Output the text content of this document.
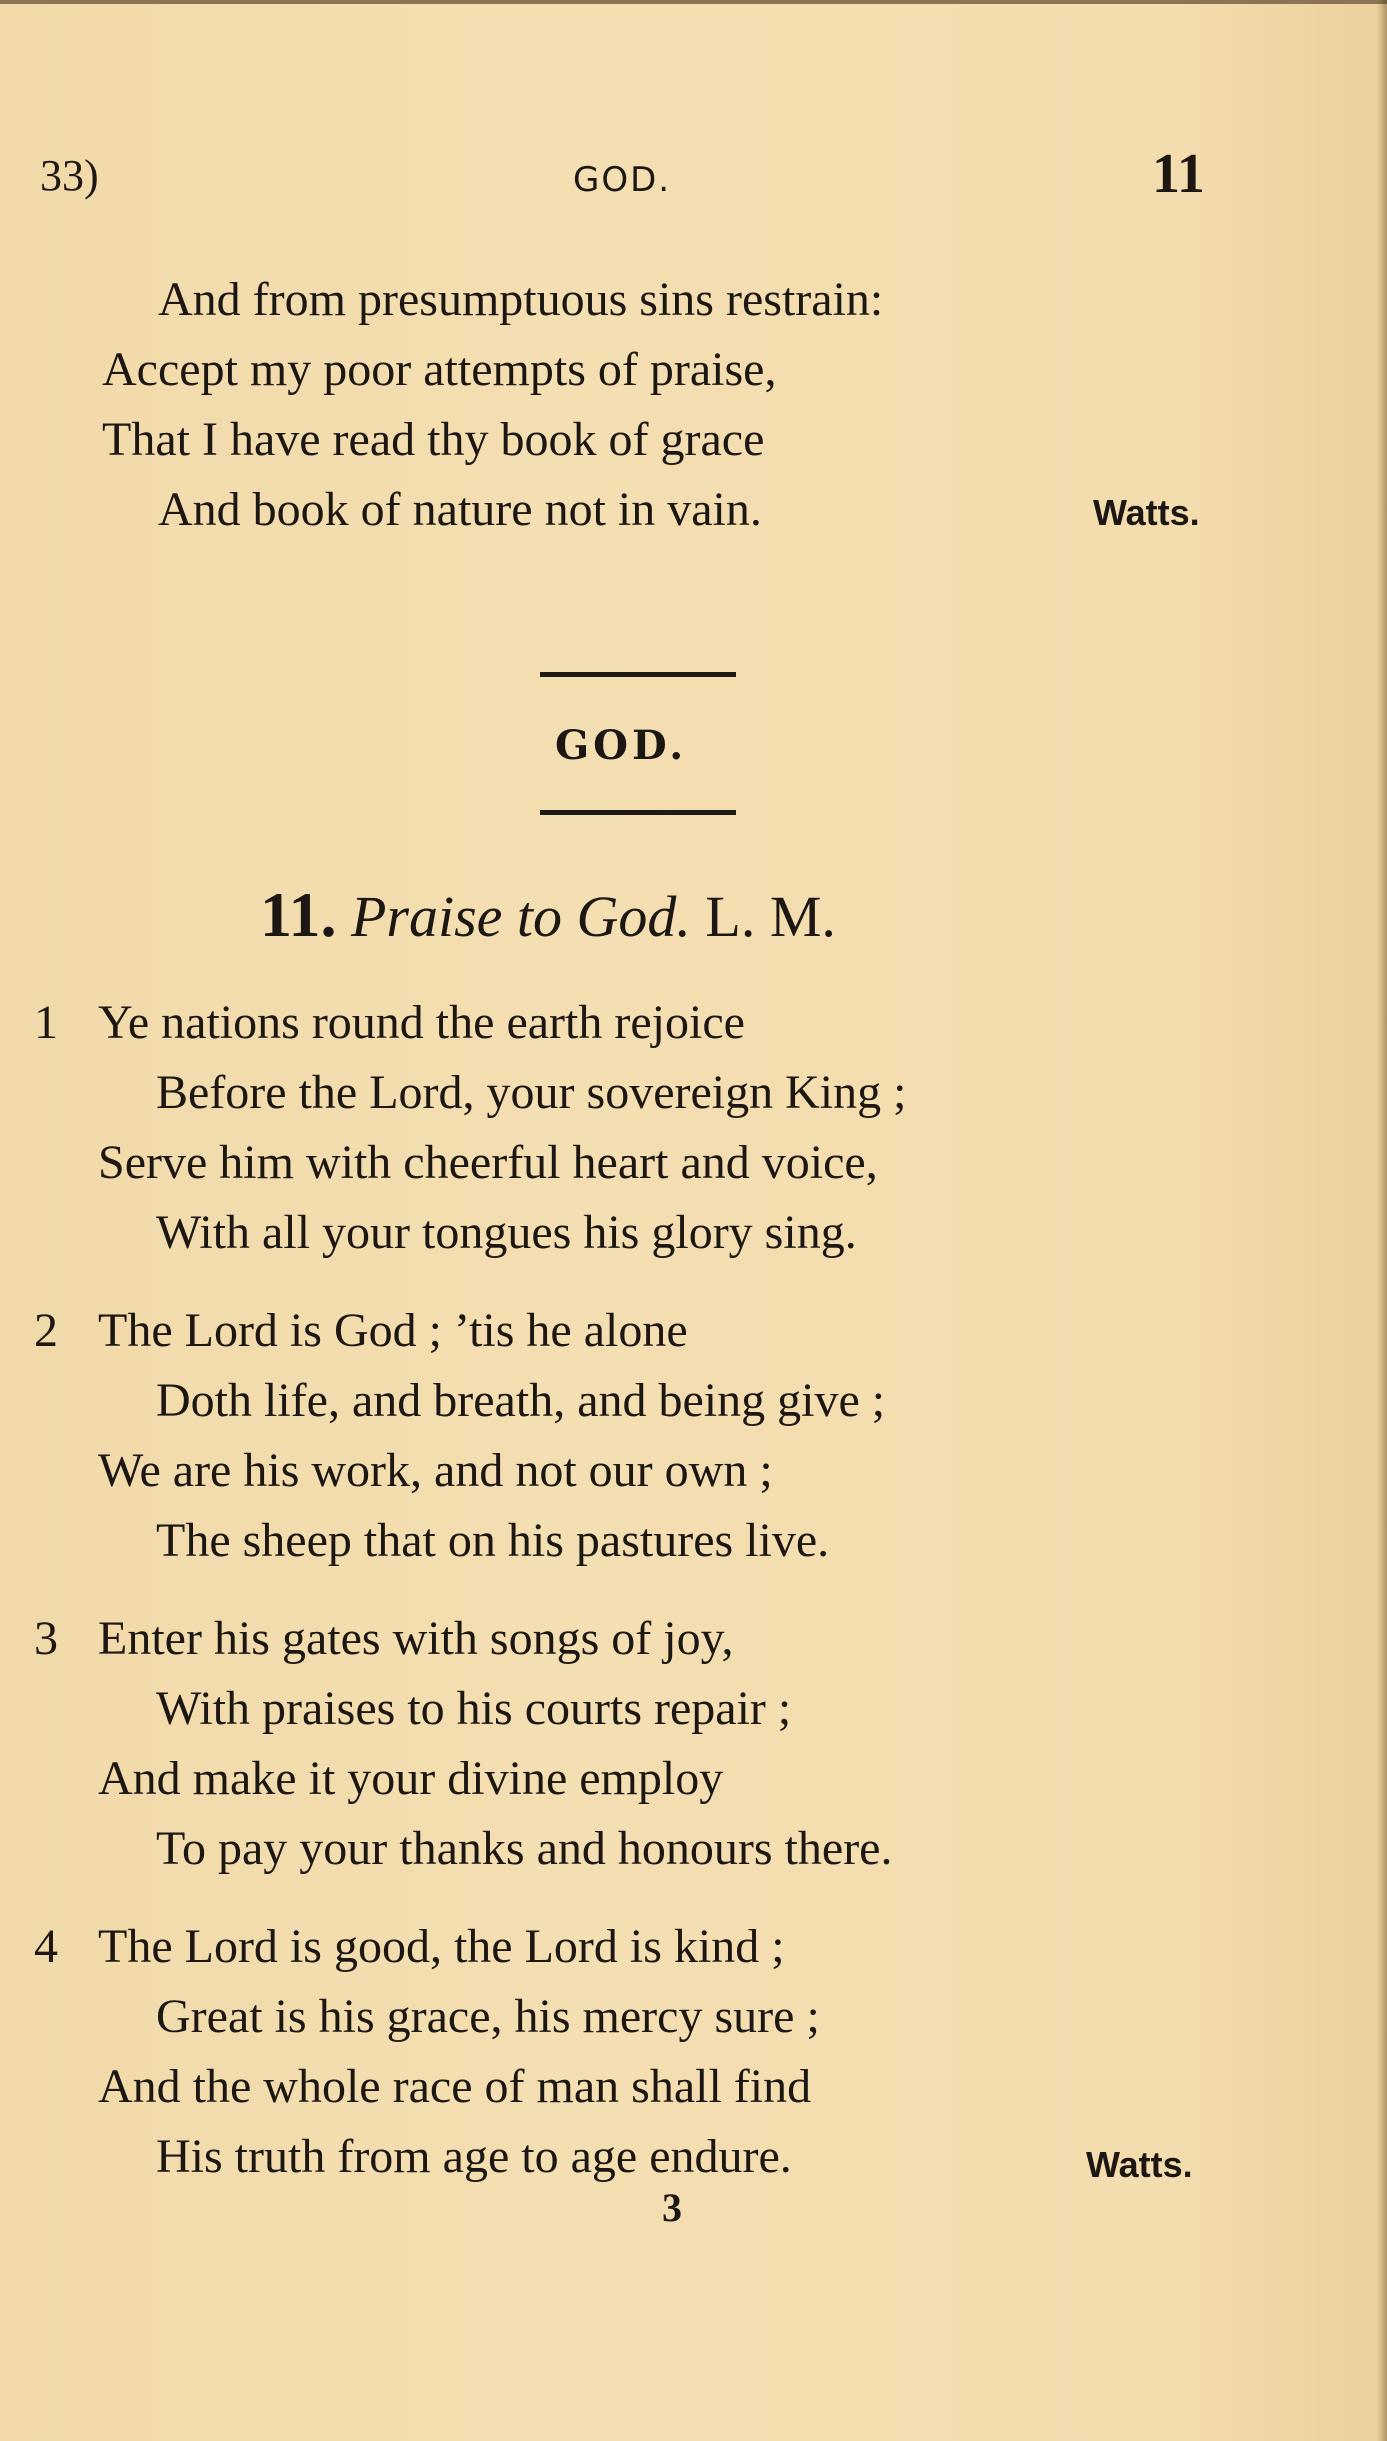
33)	GOD.	11
And from presumptuous sins restrain:
Accept my poor attempts of praise,
That I have read thy book of grace
And book of nature not in vain.	Watts.
GOD.
11. Praise to God. L. M.
1 Ye nations round the earth rejoice
Before the Lord, your sovereign King ;
Serve him with cheerful heart and voice,
With all your tongues his glory sing.
2 The Lord is God ; ’tis he alone
Doth life, and breath, and being give ;
We are his work, and not our own ;
The sheep that on his pastures live.
3 Enter his gates with songs of joy,
With praises to his courts repair ;
And make it your divine employ
To pay your thanks and honours there.
4 The Lord is good, the Lord is kind ;
Great is his grace, his mercy sure ;
And the whole race of man shall find
His truth from age to age endure.	Watts.
3
